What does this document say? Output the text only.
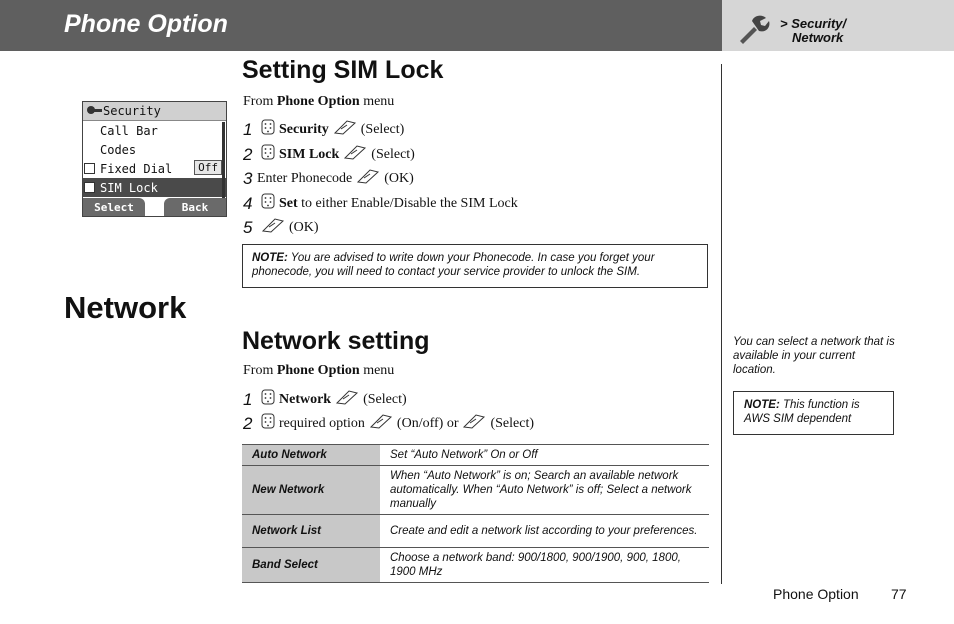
Phone Option	> Security/
Network
Security
Call Bar
Codes
Fixed Dial	Off
SIM Lock
Select	Back
Setting SIM Lock
From Phone Option menu
1	Security (Select)
2	SIM Lock (Select)
3 Enter Phonecode (OK)
4	Set
to either Enable/Disable the SIM Lock
5	(OK)
NOTE: You are advised to write down your Phonecode. In case you forget your phonecode, you will need to contact your service provider to unlock the SIM.
Network
Network setting
From Phone Option menu
1	Network (Select)
2	required option (On/off) or (Select)
Auto Network	Set “Auto Network” On or Off
New Network	When “Auto Network” is on; Search an available network automatically. When “Auto Network” is off; Select a network manually
Network List	Create and edit a network list according to your preferences.
Band Select	Choose a network band: 900/1800, 900/1900, 900, 1800, 1900 MHz
You can select a network that is available in your current location.
NOTE: This function is AWS SIM dependent
Phone Option 77
